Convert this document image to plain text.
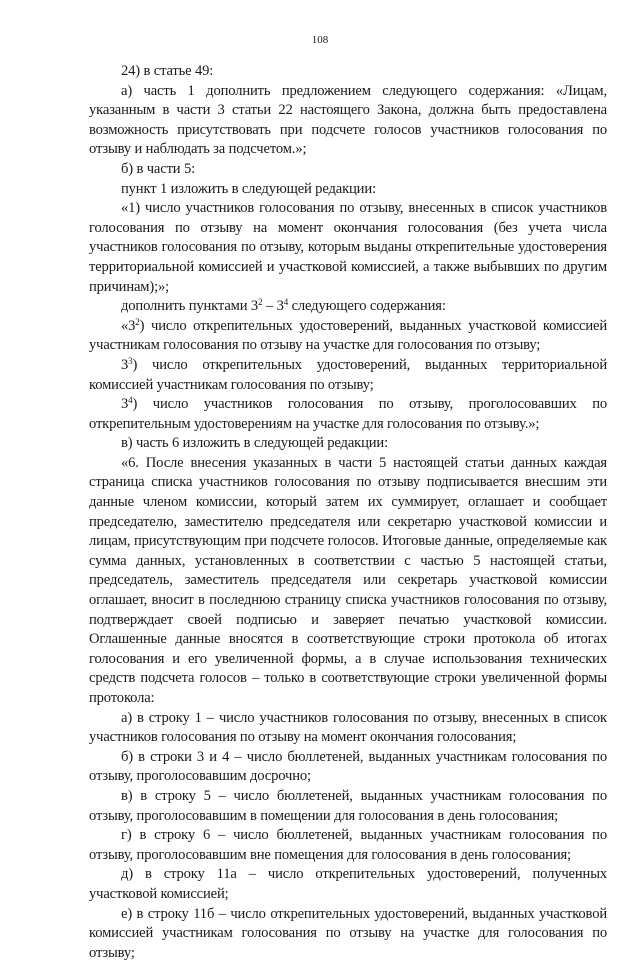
108

24) в статье 49:

а) часть 1 дополнить предложением следующего содержания: «Лицам, указанным в части 3 статьи 22 настоящего Закона, должна быть предоставлена возможность присутствовать при подсчете голосов участников голосования по отзыву и наблюдать за подсчетом.»;

б) в части 5:

пункт 1 изложить в следующей редакции:

«1) число участников голосования по отзыву, внесенных в список участников голосования по отзыву на момент окончания голосования (без учета числа участников голосования по отзыву, которым выданы открепительные удостоверения территориальной комиссией и участковой комиссией, а также выбывших по другим причинам);»;

дополнить пунктами $3^2 - 3^4$ следующего содержания:

«$3^2$) число открепительных удостоверений, выданных участковой комиссией участникам голосования по отзыву на участке для голосования по отзыву;

$3^3$) число открепительных удостоверений, выданных территориальной комиссией участникам голосования по отзыву;

$3^4$) число участников голосования по отзыву, проголосовавших по открепительным удостоверениям на участке для голосования по отзыву.»;

в) часть 6 изложить в следующей редакции:

«6. После внесения указанных в части 5 настоящей статьи данных каждая страница списка участников голосования по отзыву подписывается внесшим эти данные членом комиссии, который затем их суммирует, оглашает и сообщает председателю, заместителю председателя или секретарю участковой комиссии и лицам, присутствующим при подсчете голосов. Итоговые данные, определяемые как сумма данных, установленных в соответствии с частью 5 настоящей статьи, председатель, заместитель председателя или секретарь участковой комиссии оглашает, вносит в последнюю страницу списка участников голосования по отзыву, подтверждает своей подписью и заверяет печатью участковой комиссии. Оглашенные данные вносятся в соответствующие строки протокола об итогах голосования и его увеличенной формы, а в случае использования технических средств подсчета голосов – только в соответствующие строки увеличенной формы протокола:

а) в строку 1 – число участников голосования по отзыву, внесенных в список участников голосования по отзыву на момент окончания голосования;

б) в строки 3 и 4 – число бюллетеней, выданных участникам голосования по отзыву, проголосовавшим досрочно;

в) в строку 5 – число бюллетеней, выданных участникам голосования по отзыву, проголосовавшим в помещении для голосования в день голосования;

г) в строку 6 – число бюллетеней, выданных участникам голосования по отзыву, проголосовавшим вне помещения для голосования в день голосования;

д) в строку 11а – число открепительных удостоверений, полученных участковой комиссией;

е) в строку 11б – число открепительных удостоверений, выданных участковой комиссией участникам голосования по отзыву на участке для голосования по отзыву;
